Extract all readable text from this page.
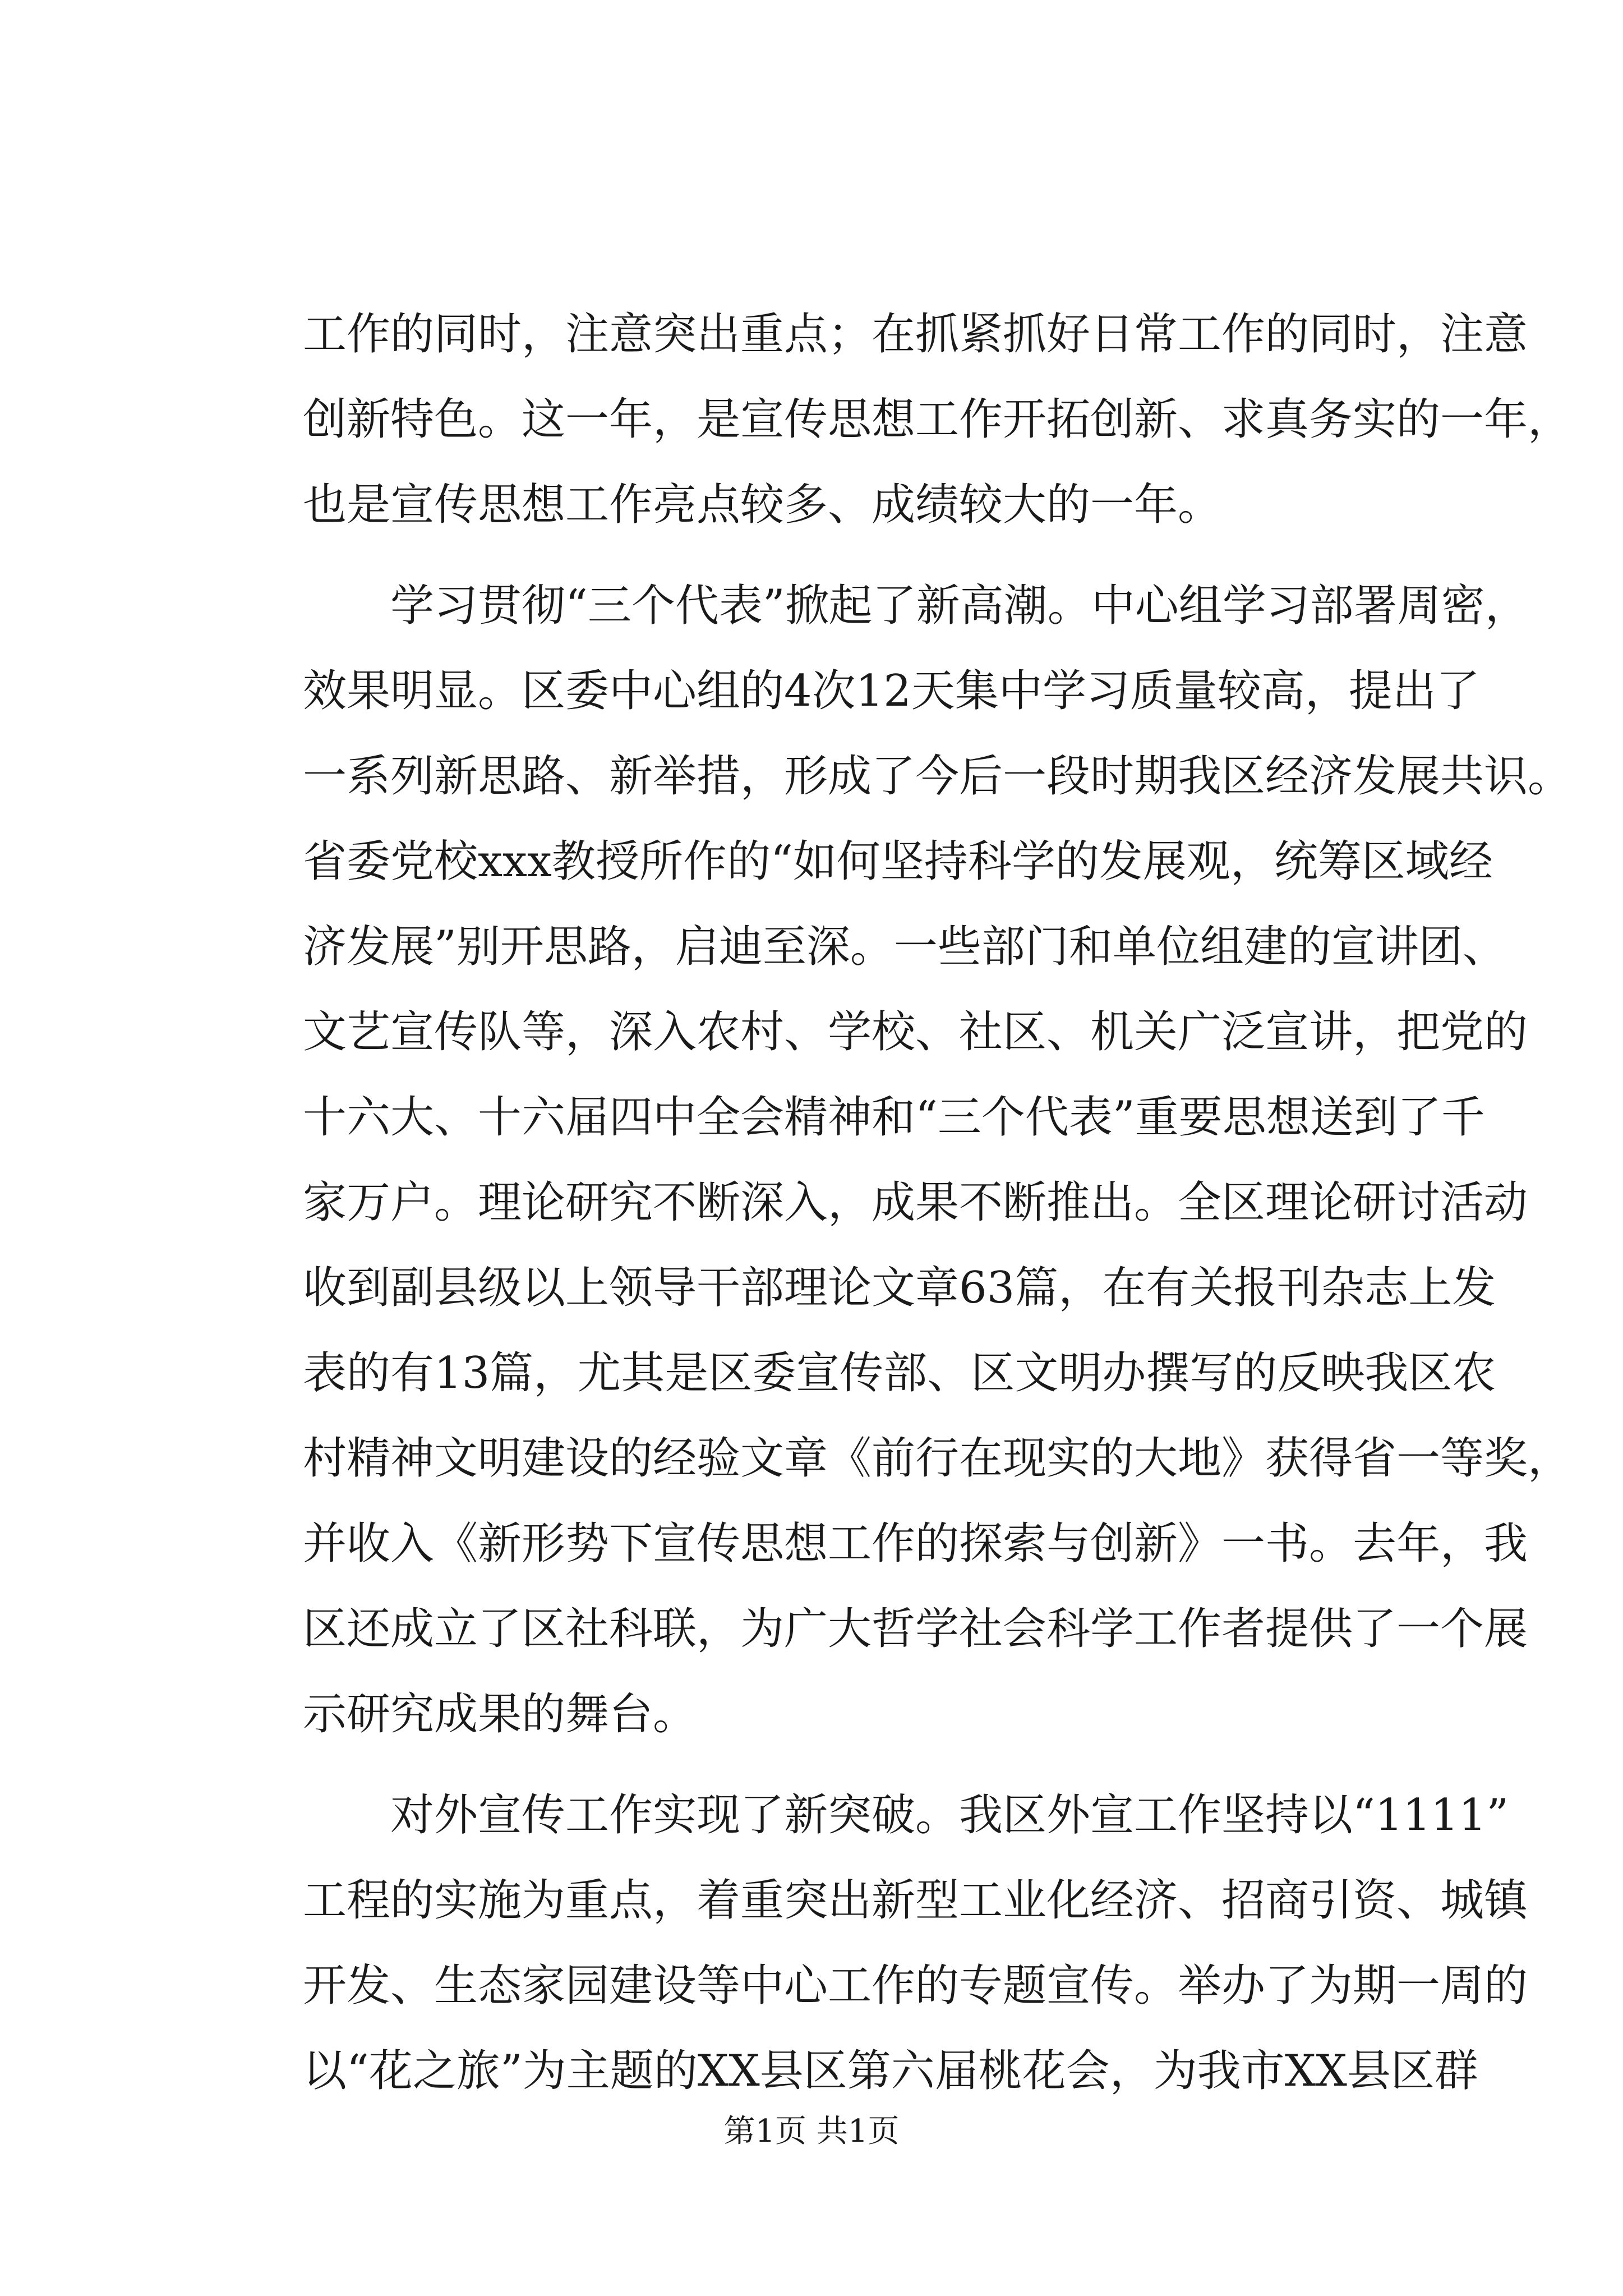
工作的同时，注意突出重点；在抓紧抓好日常工作的同时，注意
创新特色。这一年，是宣传思想工作开拓创新、求真务实的一年，
也是宣传思想工作亮点较多、成绩较大的一年。
学习贯彻“三个代表”掀起了新高潮。中心组学习部署周密，
效果明显。区委中心组的4次12天集中学习质量较高，提出了
一系列新思路、新举措，形成了今后一段时期我区经济发展共识。
省委党校xxx教授所作的“如何坚持科学的发展观，统筹区域经
济发展”别开思路，启迪至深。一些部门和单位组建的宣讲团、
文艺宣传队等，深入农村、学校、社区、机关广泛宣讲，把党的
十六大、十六届四中全会精神和“三个代表”重要思想送到了千
家万户。理论研究不断深入，成果不断推出。全区理论研讨活动
收到副县级以上领导干部理论文章63篇，在有关报刊杂志上发
表的有13篇，尤其是区委宣传部、区文明办撰写的反映我区农
村精神文明建设的经验文章《前行在现实的大地》获得省一等奖，
并收入《新形势下宣传思想工作的探索与创新》一书。去年，我
区还成立了区社科联，为广大哲学社会科学工作者提供了一个展
示研究成果的舞台。
对外宣传工作实现了新突破。我区外宣工作坚持以“1111”
工程的实施为重点，着重突出新型工业化经济、招商引资、城镇
开发、生态家园建设等中心工作的专题宣传。举办了为期一周的
以“花之旅”为主题的XX县区第六届桃花会，为我市XX县区群
第1页 共1页
